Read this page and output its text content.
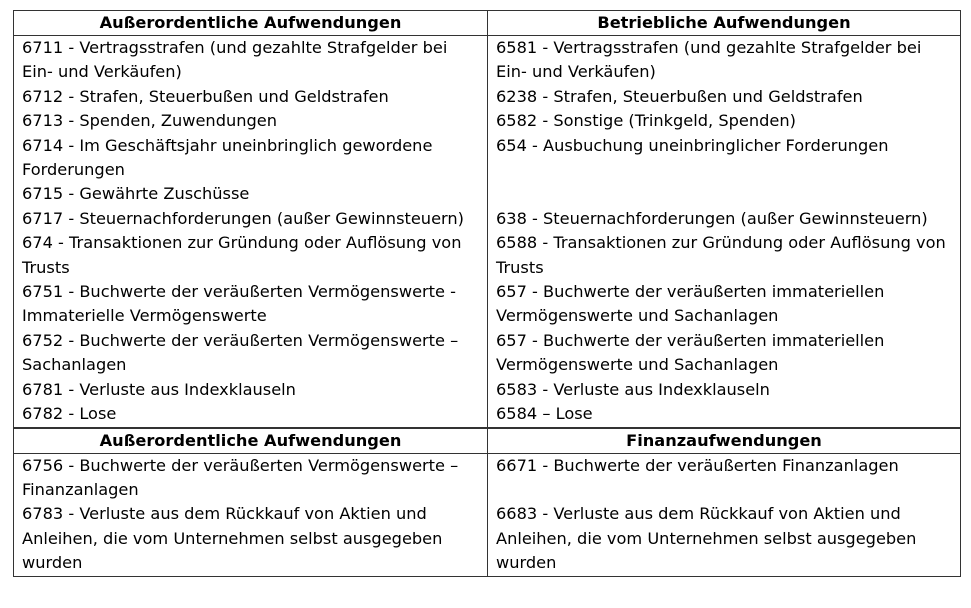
Außerordentliche Aufwendungen	Betriebliche Aufwendungen
6711 - Vertragsstrafen (und gezahlte Strafgelder bei Ein- und Verkäufen)	6581 - Vertragsstrafen (und gezahlte Strafgelder bei Ein- und Verkäufen)
6712 - Strafen, Steuerbußen und Geldstrafen	6238 - Strafen, Steuerbußen und Geldstrafen
6713 - Spenden, Zuwendungen	6582 - Sonstige (Trinkgeld, Spenden)
6714 - Im Geschäftsjahr uneinbringlich gewordene Forderungen	654 - Ausbuchung uneinbringlicher Forderungen
6715 - Gewährte Zuschüsse	
6717 - Steuernachforderungen (außer Gewinnsteuern)	638 - Steuernachforderungen (außer Gewinnsteuern)
674 - Transaktionen zur Gründung oder Auflösung von Trusts	6588 - Transaktionen zur Gründung oder Auflösung von Trusts
6751 - Buchwerte der veräußerten Vermögenswerte - Immaterielle Vermögenswerte	657 - Buchwerte der veräußerten immateriellen Vermögenswerte und Sachanlagen
6752 - Buchwerte der veräußerten Vermögenswerte – Sachanlagen	657 - Buchwerte der veräußerten immateriellen Vermögenswerte und Sachanlagen
6781 - Verluste aus Indexklauseln	6583 - Verluste aus Indexklauseln
6782 - Lose	6584 – Lose
Außerordentliche Aufwendungen	Finanzaufwendungen
6756 - Buchwerte der veräußerten Vermögenswerte – Finanzanlagen	6671 - Buchwerte der veräußerten Finanzanlagen
6783 - Verluste aus dem Rückkauf von Aktien und Anleihen, die vom Unternehmen selbst ausgegeben wurden	6683 - Verluste aus dem Rückkauf von Aktien und Anleihen, die vom Unternehmen selbst ausgegeben wurden
